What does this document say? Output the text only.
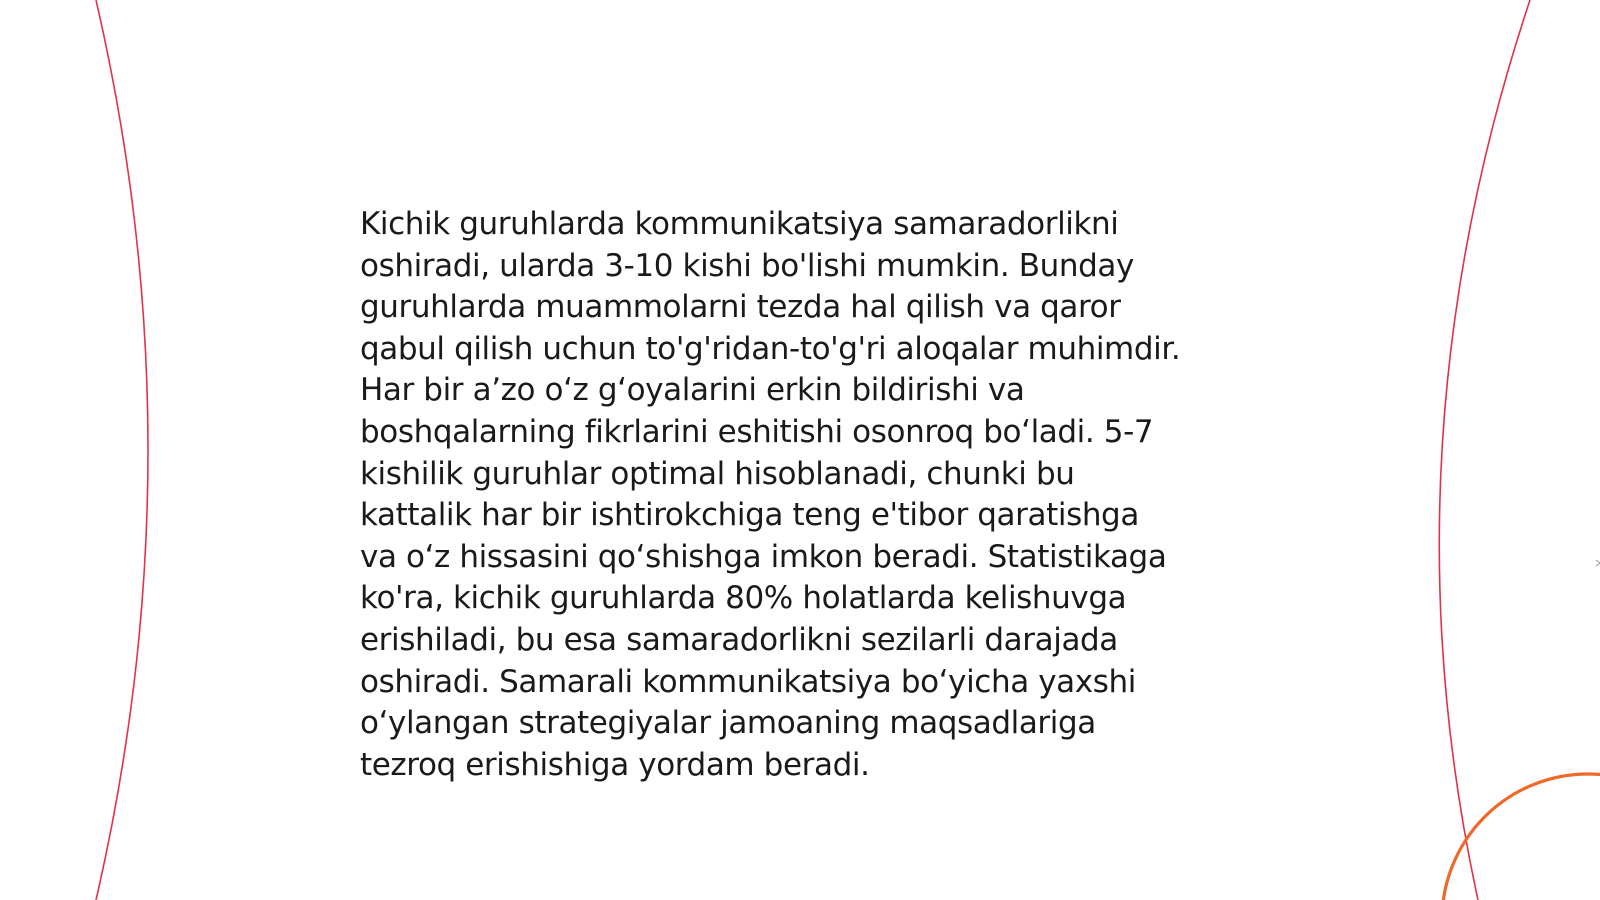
Kichik guruhlarda kommunikatsiya samaradorlikni
oshiradi, ularda 3-10 kishi bo'lishi mumkin. Bunday
guruhlarda muammolarni tezda hal qilish va qaror
qabul qilish uchun to'g'ridan-to'g'ri aloqalar muhimdir.
Har bir a’zo o‘z g‘oyalarini erkin bildirishi va
boshqalarning fikrlarini eshitishi osonroq bo‘ladi. 5-7
kishilik guruhlar optimal hisoblanadi, chunki bu
kattalik har bir ishtirokchiga teng e'tibor qaratishga
va o‘z hissasini qo‘shishga imkon beradi. Statistikaga
ko'ra, kichik guruhlarda 80% holatlarda kelishuvga
erishiladi, bu esa samaradorlikni sezilarli darajada
oshiradi. Samarali kommunikatsiya bo‘yicha yaxshi
o‘ylangan strategiyalar jamoaning maqsadlariga
tezroq erishishiga yordam beradi.
